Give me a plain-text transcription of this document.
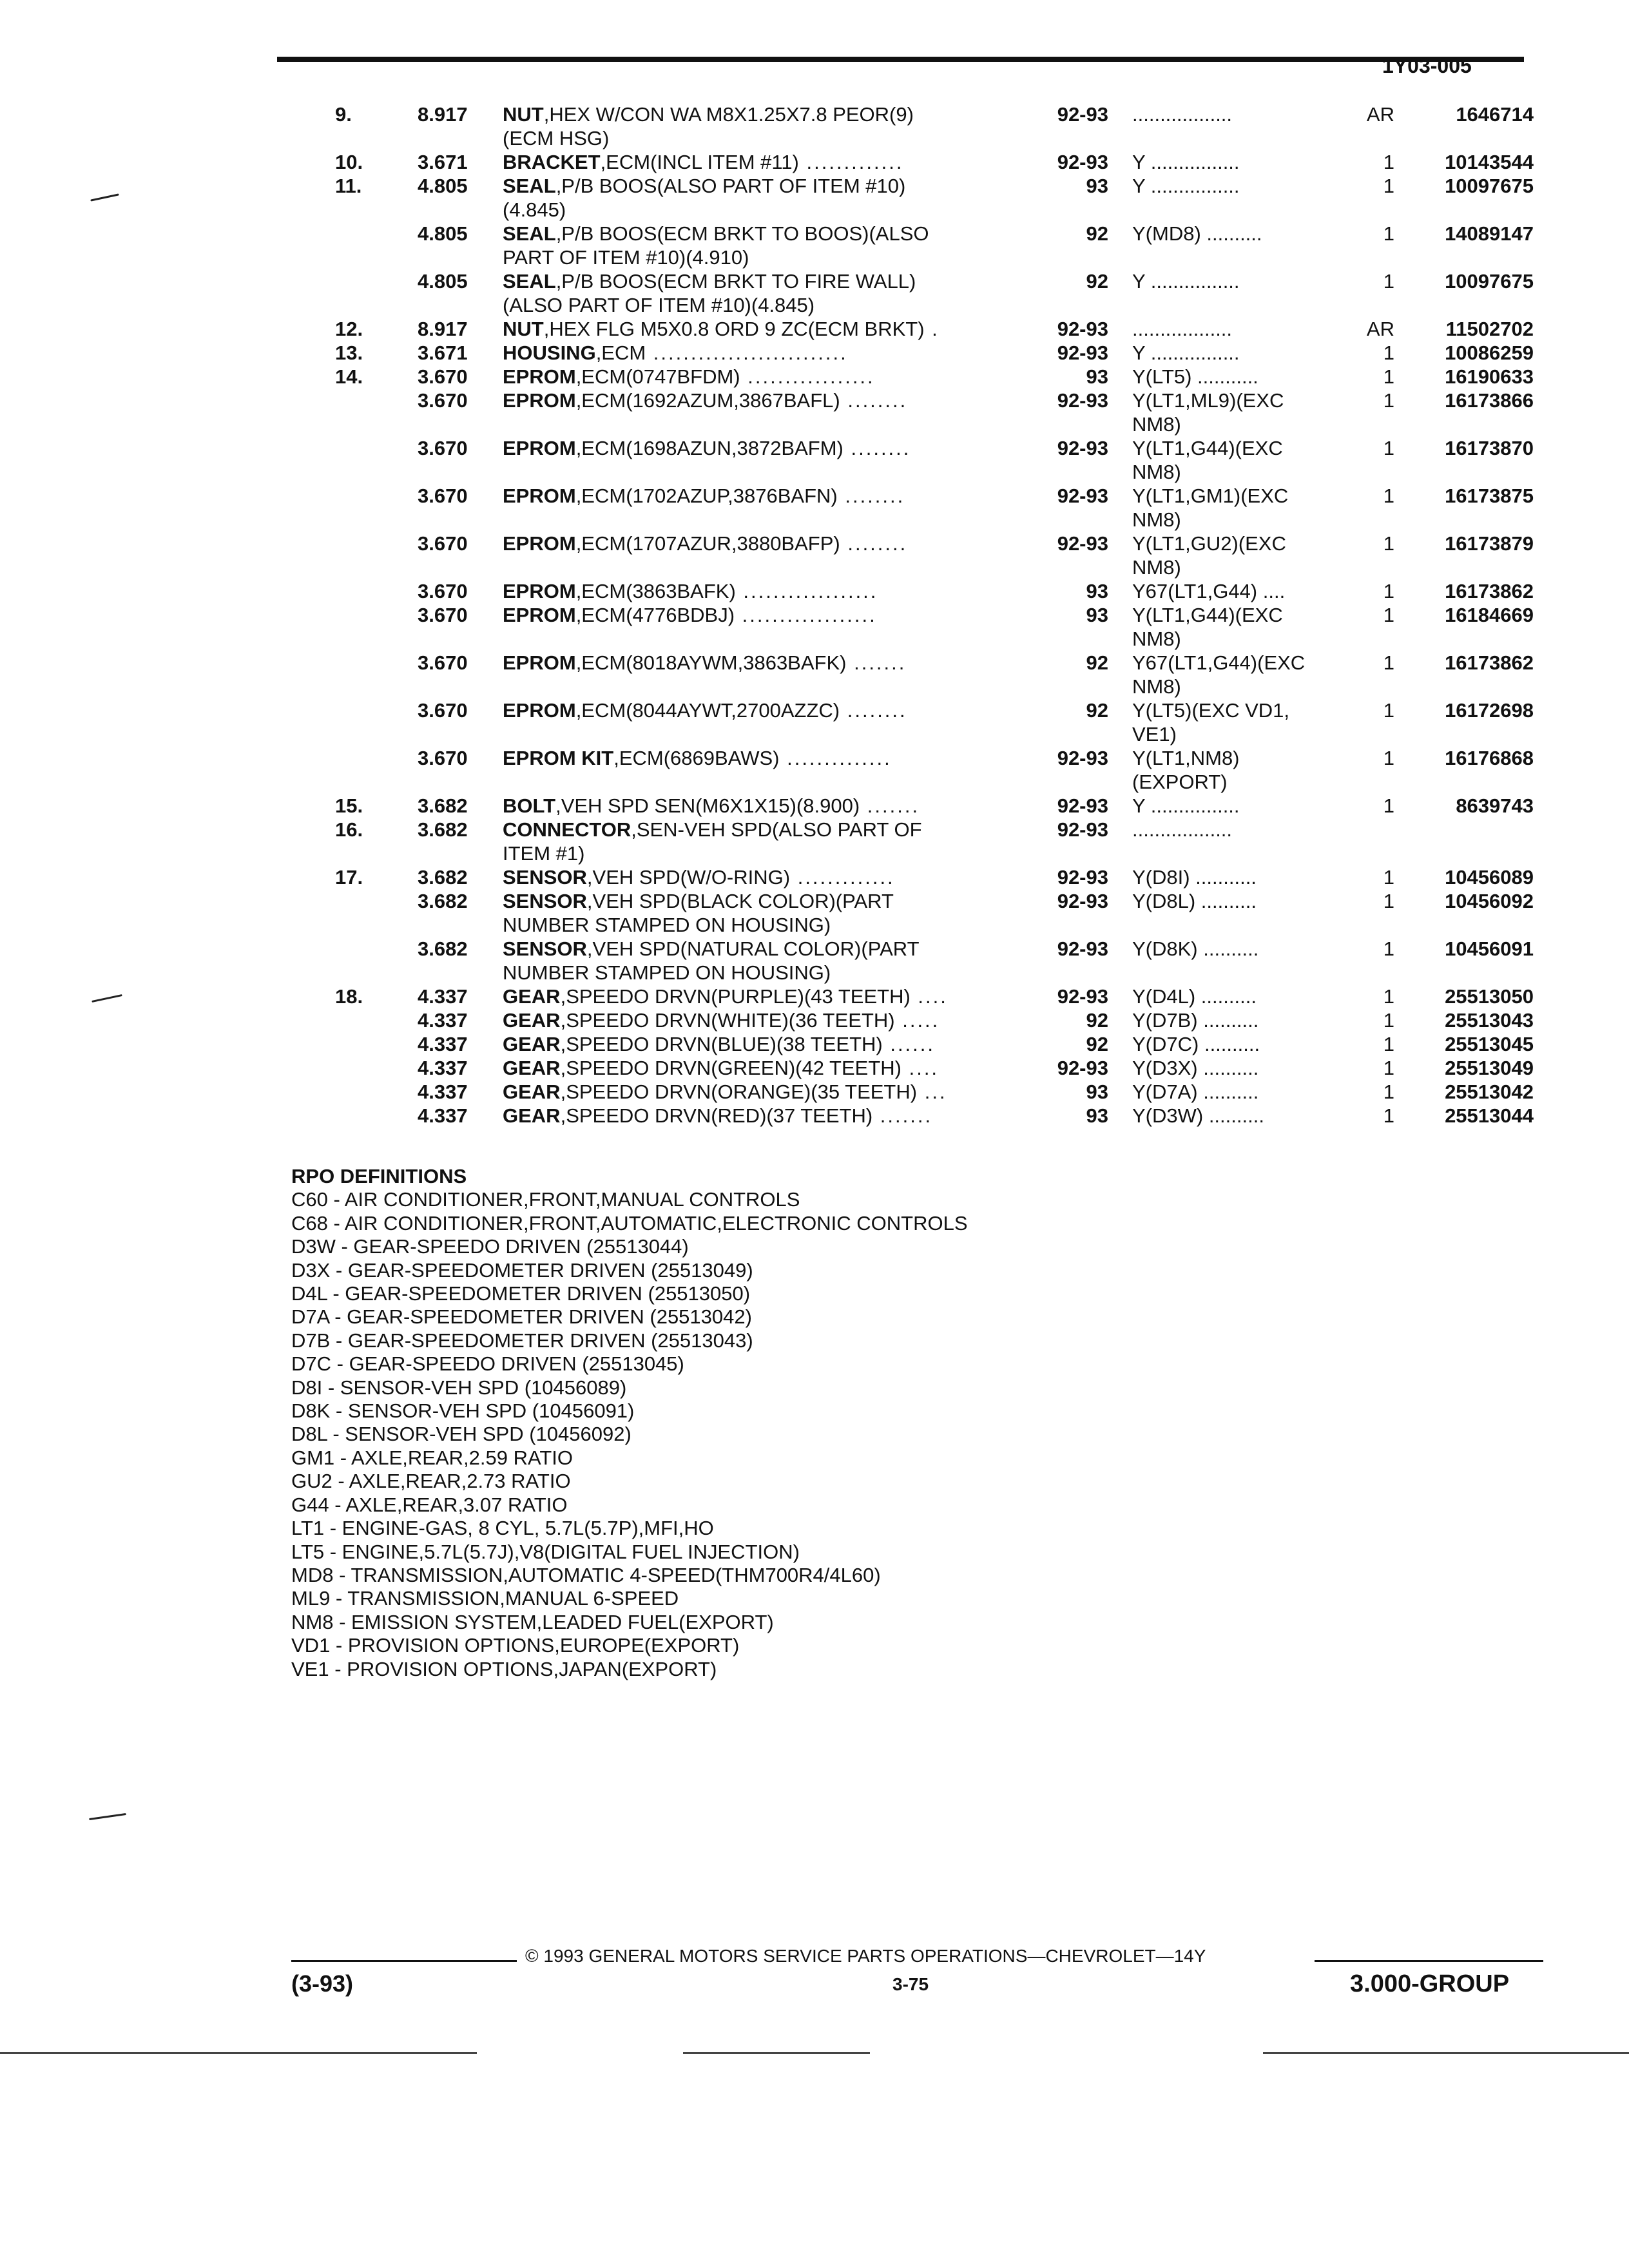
1Y03-005
9.	8.917 NUT,HEX W/CON WA M8X1.25X7.8 PEOR(9)	92-93 ..................	AR	1646714
(ECM HSG)
10.	3.671 BRACKET,ECM(INCL ITEM #11) .............	92-93 Y ................	1	10143544
11.	4.805 SEAL,P/B BOOS(ALSO PART OF ITEM #10)	93 Y ................	1	10097675
(4.845)
4.805 SEAL,P/B BOOS(ECM BRKT TO BOOS)(ALSO	92 Y(MD8) ..........	1	14089147
PART OF ITEM #10)(4.910)
4.805 SEAL,P/B BOOS(ECM BRKT TO FIRE WALL)	92 Y ................	1	10097675
(ALSO PART OF ITEM #10)(4.845)
12.	8.917 NUT,HEX FLG M5X0.8 ORD 9 ZC(ECM BRKT) .	92-93 ..................	AR	11502702
13.	3.671 HOUSING,ECM ..........................	92-93 Y ................	1	10086259
14.	3.670 EPROM,ECM(0747BFDM) .................	93 Y(LT5) ...........	1	16190633
3.670 EPROM,ECM(1692AZUM,3867BAFL) ........	92-93 Y(LT1,ML9)(EXC	1	16173866
NM8)
3.670 EPROM,ECM(1698AZUN,3872BAFM) ........	92-93 Y(LT1,G44)(EXC	1	16173870
NM8)
3.670 EPROM,ECM(1702AZUP,3876BAFN) ........	92-93 Y(LT1,GM1)(EXC	1	16173875
NM8)
3.670 EPROM,ECM(1707AZUR,3880BAFP) ........	92-93 Y(LT1,GU2)(EXC	1	16173879
NM8)
3.670 EPROM,ECM(3863BAFK) ..................	93 Y67(LT1,G44) ....	1	16173862
3.670 EPROM,ECM(4776BDBJ) ..................	93 Y(LT1,G44)(EXC	1	16184669
NM8)
3.670 EPROM,ECM(8018AYWM,3863BAFK) .......	92 Y67(LT1,G44)(EXC	1	16173862
NM8)
3.670 EPROM,ECM(8044AYWT,2700AZZC) ........	92 Y(LT5)(EXC VD1,	1	16172698
VE1)
3.670 EPROM KIT,ECM(6869BAWS) ..............	92-93 Y(LT1,NM8)	1	16176868
(EXPORT)
15.	3.682 BOLT,VEH SPD SEN(M6X1X15)(8.900) .......	92-93 Y ................	1	8639743
16.	3.682 CONNECTOR,SEN-VEH SPD(ALSO PART OF	92-93 ..................
ITEM #1)
17.	3.682 SENSOR,VEH SPD(W/O-RING) .............	92-93 Y(D8I) ...........	1	10456089
3.682 SENSOR,VEH SPD(BLACK COLOR)(PART	92-93 Y(D8L) ..........	1	10456092
NUMBER STAMPED ON HOUSING)
3.682 SENSOR,VEH SPD(NATURAL COLOR)(PART	92-93 Y(D8K) ..........	1	10456091
NUMBER STAMPED ON HOUSING)
18.	4.337 GEAR,SPEEDO DRVN(PURPLE)(43 TEETH) ....	92-93 Y(D4L) ..........	1	25513050
4.337 GEAR,SPEEDO DRVN(WHITE)(36 TEETH) .....	92 Y(D7B) ..........	1	25513043
4.337 GEAR,SPEEDO DRVN(BLUE)(38 TEETH) ......	92 Y(D7C) ..........	1	25513045
4.337 GEAR,SPEEDO DRVN(GREEN)(42 TEETH) ....	92-93 Y(D3X) ..........	1	25513049
4.337 GEAR,SPEEDO DRVN(ORANGE)(35 TEETH) ...	93 Y(D7A) ..........	1	25513042
4.337 GEAR,SPEEDO DRVN(RED)(37 TEETH) .......	93 Y(D3W) ..........	1	25513044
RPO DEFINITIONS
C60 - AIR CONDITIONER,FRONT,MANUAL CONTROLS
C68 - AIR CONDITIONER,FRONT,AUTOMATIC,ELECTRONIC CONTROLS
D3W - GEAR-SPEEDO DRIVEN (25513044)
D3X - GEAR-SPEEDOMETER DRIVEN (25513049)
D4L - GEAR-SPEEDOMETER DRIVEN (25513050)
D7A - GEAR-SPEEDOMETER DRIVEN (25513042)
D7B - GEAR-SPEEDOMETER DRIVEN (25513043)
D7C - GEAR-SPEEDO DRIVEN (25513045)
D8I - SENSOR-VEH SPD (10456089)
D8K - SENSOR-VEH SPD (10456091)
D8L - SENSOR-VEH SPD (10456092)
GM1 - AXLE,REAR,2.59 RATIO
GU2 - AXLE,REAR,2.73 RATIO
G44 - AXLE,REAR,3.07 RATIO
LT1 - ENGINE-GAS, 8 CYL, 5.7L(5.7P),MFI,HO
LT5 - ENGINE,5.7L(5.7J),V8(DIGITAL FUEL INJECTION)
MD8 - TRANSMISSION,AUTOMATIC 4-SPEED(THM700R4/4L60)
ML9 - TRANSMISSION,MANUAL 6-SPEED
NM8 - EMISSION SYSTEM,LEADED FUEL(EXPORT)
VD1 - PROVISION OPTIONS,EUROPE(EXPORT)
VE1 - PROVISION OPTIONS,JAPAN(EXPORT)
© 1993 GENERAL MOTORS SERVICE PARTS OPERATIONS—CHEVROLET—14Y
(3-93)	3-75	3.000-GROUP
